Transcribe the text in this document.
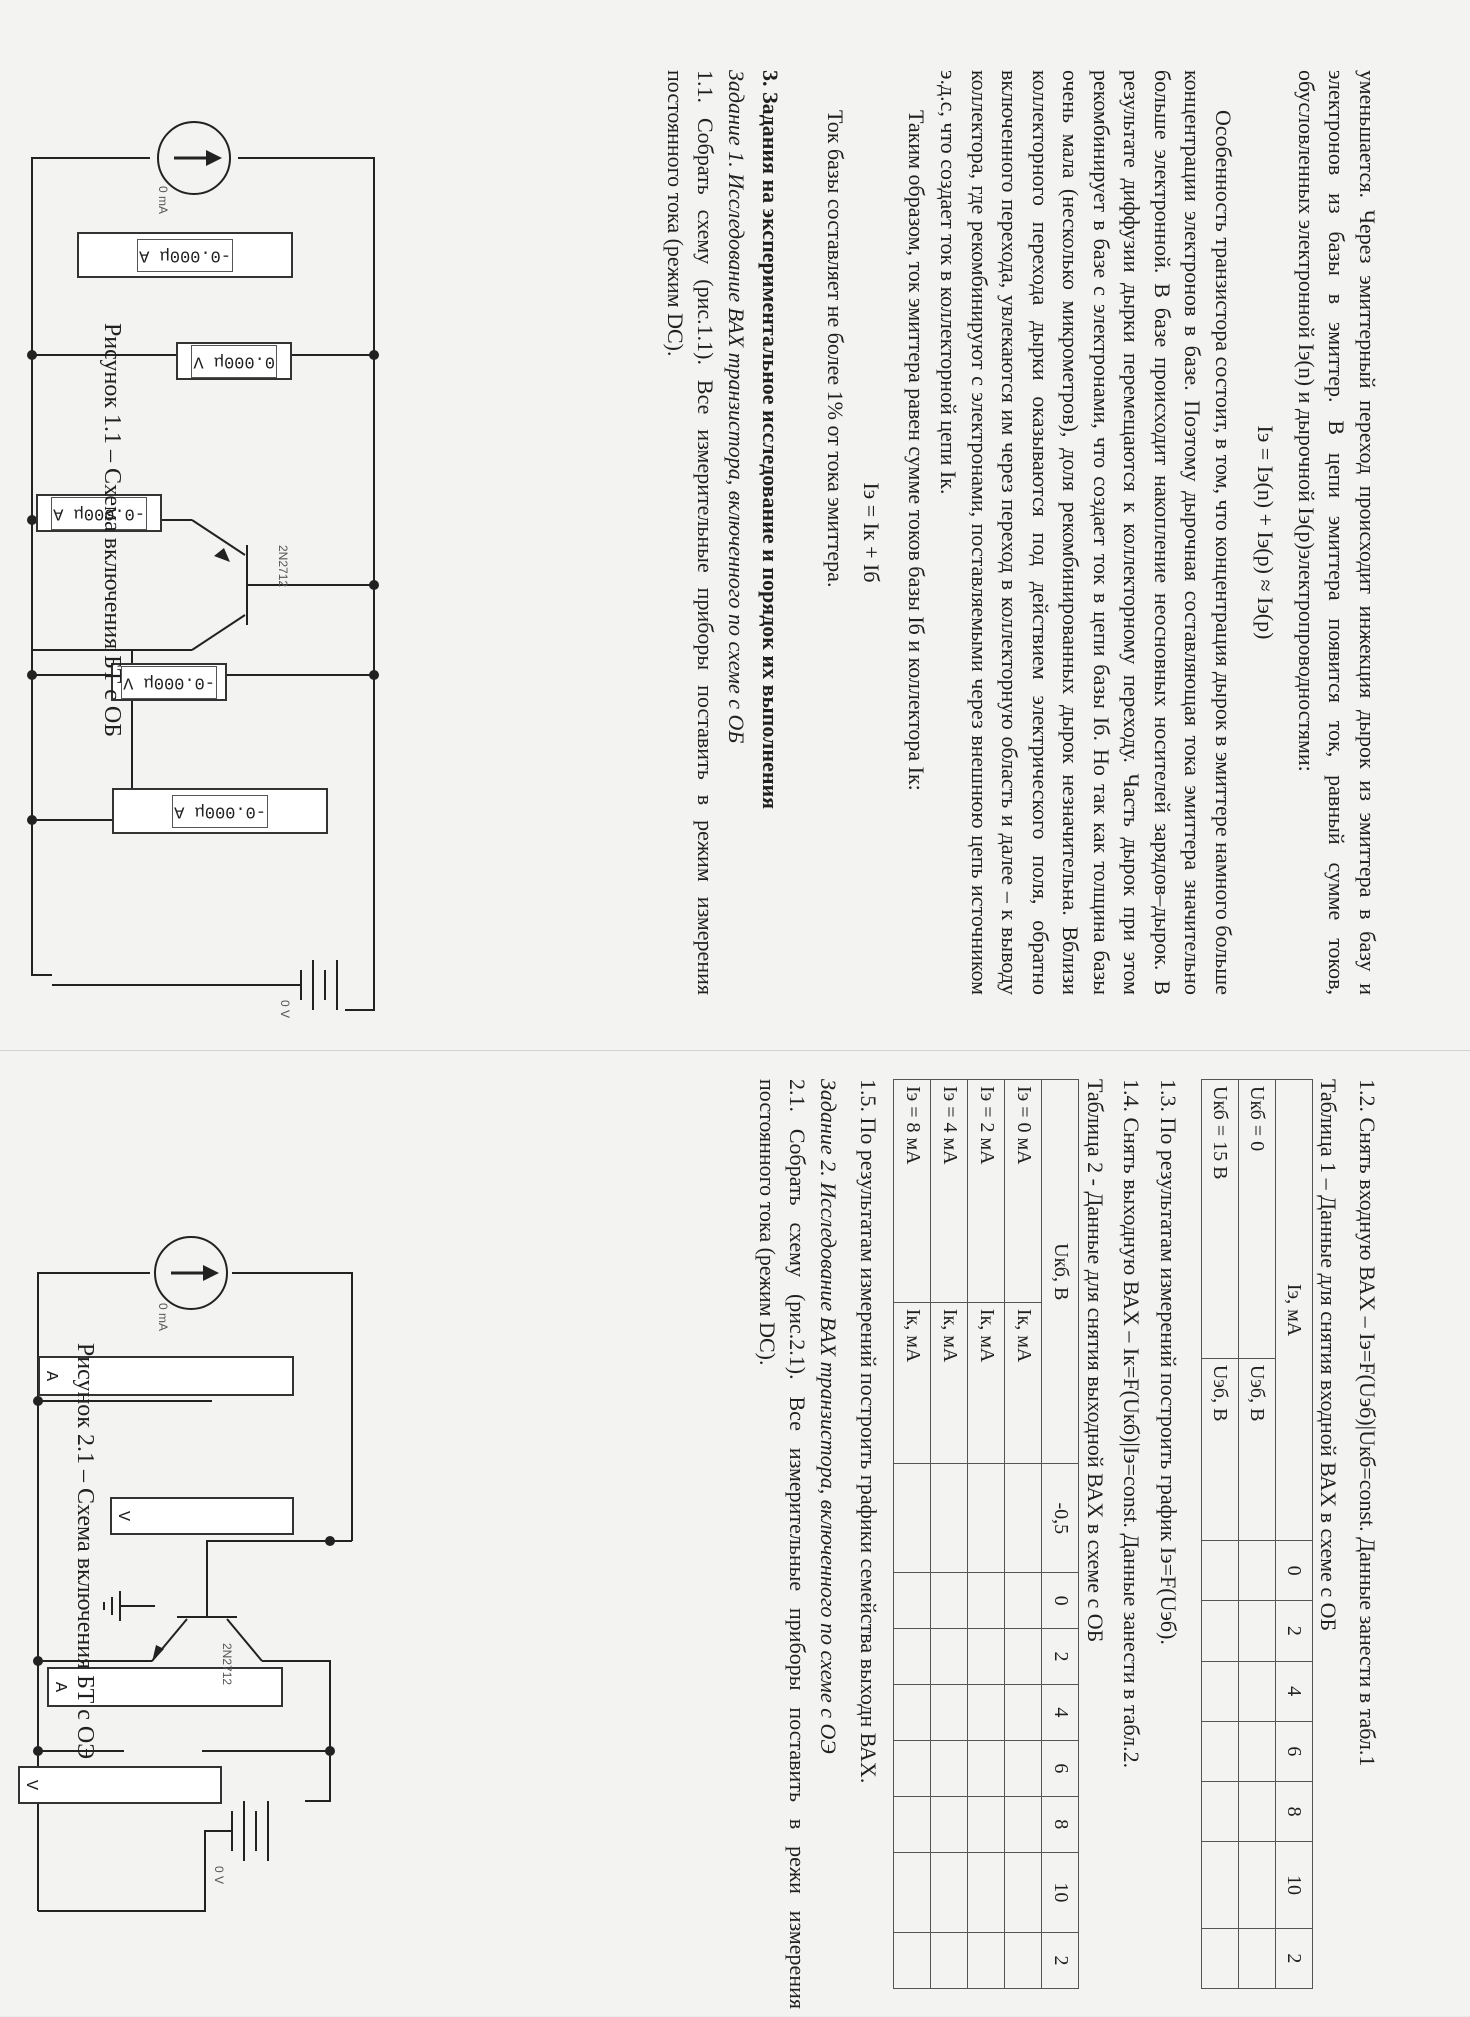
уменьшается. Через эмиттерный переход происходит инжекция дырок из эмиттера в базу и электронов из базы в эмиттер. В цепи эмиттера появится ток, равный сумме токов, обусловленных электронной Iэ(n) и дырочной Iэ(p)электропроводностями:

Iэ = Iэ(n) + Iэ(p) ≈ Iэ(p)

Особенность транзистора состоит, в том, что концентрация дырок в эмиттере намного больше концентрации электронов в базе. Поэтому дырочная составляющая тока эмиттера значительно больше электронной. В базе происходит накопление неосновных носителей зарядов–дырок. В результате диффузии дырки перемещаются к коллекторному переходу. Часть дырок при этом рекомбинирует в базе с электронами, что создает ток в цепи базы Iб. Но так как толщина базы очень мала (несколько микрометров), доля рекомбинированных дырок незначительна. Вблизи коллекторного перехода дырки оказываются под действием электрического поля, обратно включенного перехода, увлекаются им через переход в коллекторную область и далее – к выводу коллектора, где рекомбинируют с электронами, поставляемыми через внешнюю цепь источником э.д.с, что создает ток в коллекторной цепи Iк.

Таким образом, ток эмиттера равен сумме токов базы Iб и коллектора Iк:

Iэ = Iк + Iб

Ток базы составляет не более 1% от тока эмиттера.

3. Задания на экспериментальное исследование и порядок их выполнения

Задание 1. Исследование ВАХ транзистора, включенного по схеме с ОБ

1.1. Собрать схему (рис.1.1). Все измерительные приборы поставить в режим измерения постоянного тока (режим DC).

-0.000μ A
0.000μ V
-0.000μ A
-0.000μ V
-0.000μ A
2N2712
0 mA
0 V
Рисунок 1.1 – Схема включения БТ с ОБ

1.2. Снять входную ВАХ – Iэ=F(Uэб)|Uкб=const. Данные занести в табл.1

Таблица 1 – Данные для снятия входной ВАХ в схеме с ОБ

Iэ, мА		0	2	4	6	8	10	2
Uкб = 0	Uэб, В							
Uкб = 15 В	Uэб, В							

1.3. По результатам измерений построить график Iэ=F(Uэб).

1.4. Снять выходную ВАХ – Iк=F(Uкб)|Iэ=const. Данные занести в табл.2.

Таблица 2 - Данные для снятия выходной ВАХ в схеме с ОБ

Uкб, В		-0,5	0	2	4	6	8	10	2
Iэ = 0 мА	Iк, мА								
Iэ = 2 мА	Iк, мА								
Iэ = 4 мА	Iк, мА								
Iэ = 8 мА	Iк, мА								

1.5. По результатам измерений построить графики семейства выходн ВАХ.

Задание 2. Исследование ВАХ транзистора, включенного по схеме с ОЭ

2.1. Собрать схему (рис.2.1). Все измерительные приборы поставить в режи измерения постоянного тока (режим DC).

A
V
A
V
2N2712
0 mA
0 V
Рисунок 2.1 – Схема включения БТ с ОЭ
